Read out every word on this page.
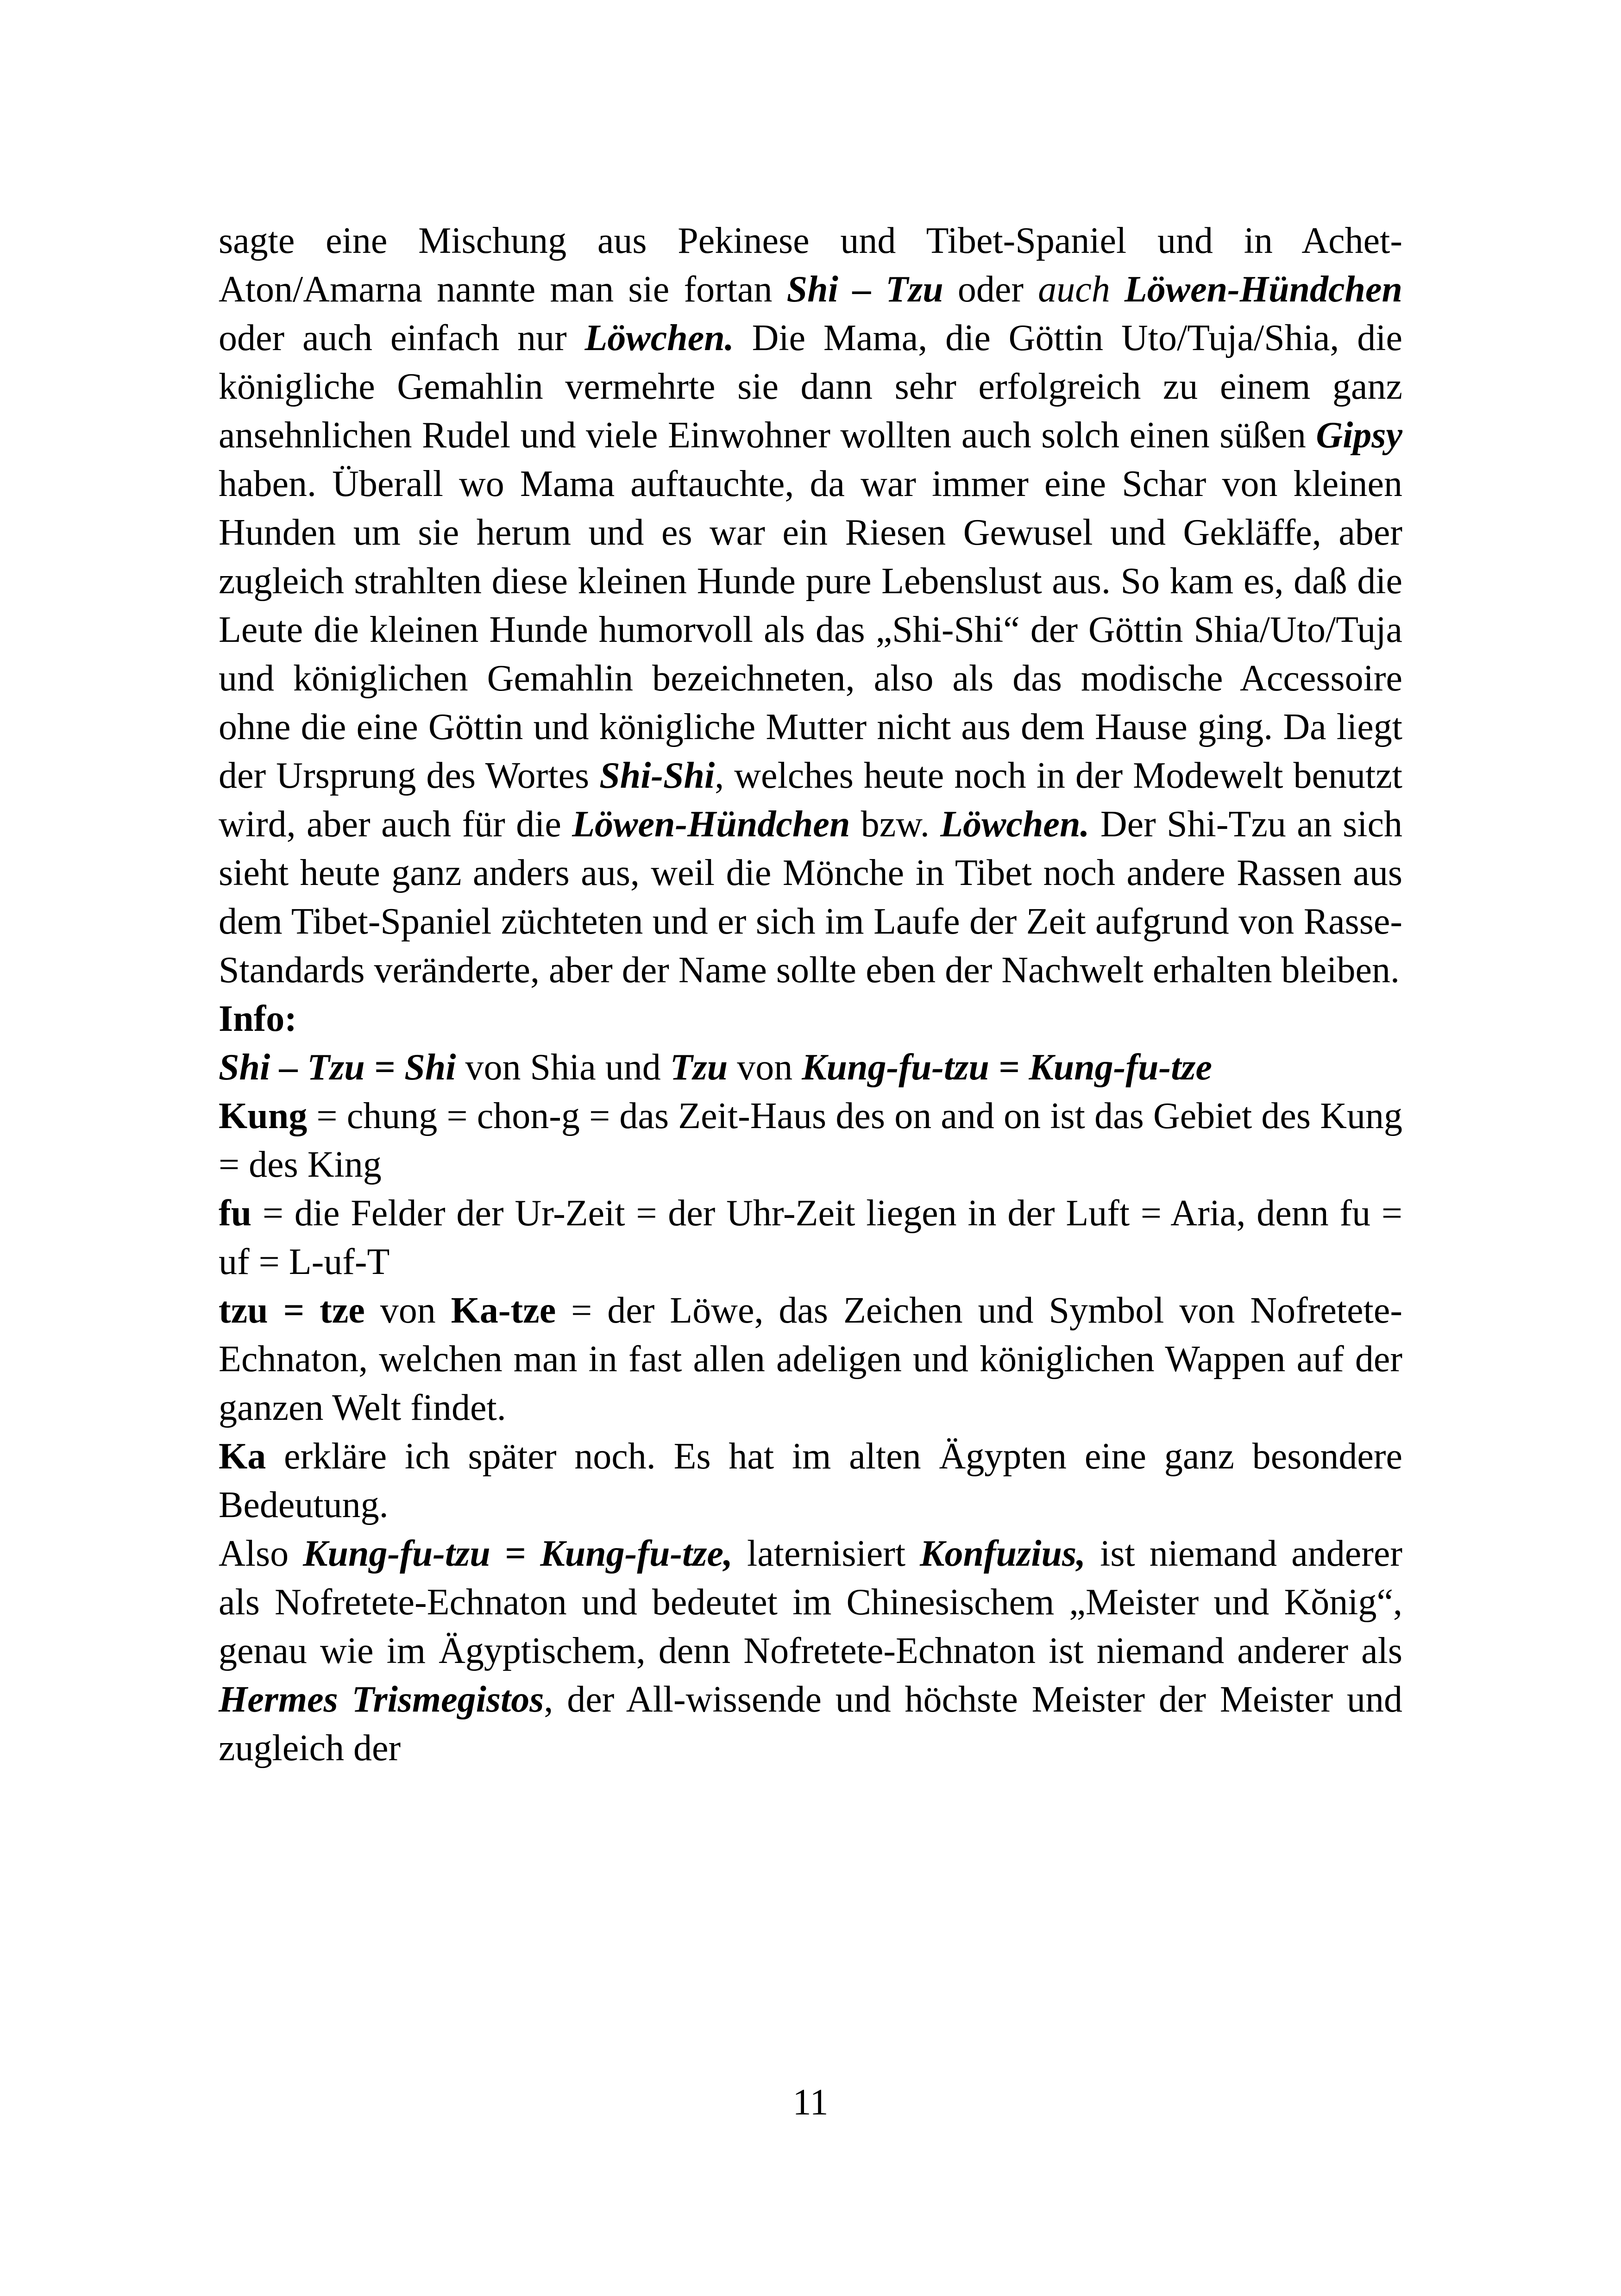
sagte eine Mischung aus Pekinese und Tibet-Spaniel und in Achet-Aton/Amarna nannte man sie fortan Shi – Tzu oder auch Löwen-Hündchen oder auch einfach nur Löwchen. Die Mama, die Göttin Uto/Tuja/Shia, die königliche Gemahlin vermehrte sie dann sehr erfolgreich zu einem ganz ansehnlichen Rudel und viele Einwohner wollten auch solch einen süßen Gipsy haben. Überall wo Mama auftauchte, da war immer eine Schar von kleinen Hunden um sie herum und es war ein Riesen Gewusel und Gekläffe, aber zugleich strahlten diese kleinen Hunde pure Lebenslust aus. So kam es, daß die Leute die kleinen Hunde humorvoll als das „Shi-Shi“ der Göttin Shia/Uto/Tuja und königlichen Gemahlin bezeichneten, also als das modische Accessoire ohne die eine Göttin und königliche Mutter nicht aus dem Hause ging. Da liegt der Ursprung des Wortes Shi-Shi, welches heute noch in der Modewelt benutzt wird, aber auch für die Löwen-Hündchen bzw. Löwchen. Der Shi-Tzu an sich sieht heute ganz anders aus, weil die Mönche in Tibet noch andere Rassen aus dem Tibet-Spaniel züchteten und er sich im Laufe der Zeit aufgrund von Rasse-Standards veränderte, aber der Name sollte eben der Nachwelt erhalten bleiben.

Info:

Shi – Tzu = Shi von Shia und Tzu von Kung-fu-tzu = Kung-fu-tze

Kung = chung = chon-g = das Zeit-Haus des on and on ist das Gebiet des Kung = des King

fu = die Felder der Ur-Zeit = der Uhr-Zeit liegen in der Luft = Aria, denn fu = uf = L-uf-T

tzu = tze von Ka-tze = der Löwe, das Zeichen und Symbol von Nofretete-Echnaton, welchen man in fast allen adeligen und königlichen Wappen auf der ganzen Welt findet.

Ka erkläre ich später noch. Es hat im alten Ägypten eine ganz besondere Bedeutung.

Also Kung-fu-tzu = Kung-fu-tze, laternisiert Konfuzius, ist niemand anderer als Nofretete-Echnaton und bedeutet im Chinesischem „Meister und Kŏnig“, genau wie im Ägyptischem, denn Nofretete-Echnaton ist niemand anderer als Hermes Trismegistos, der All-wissende und höchste Meister der Meister und zugleich der

11
